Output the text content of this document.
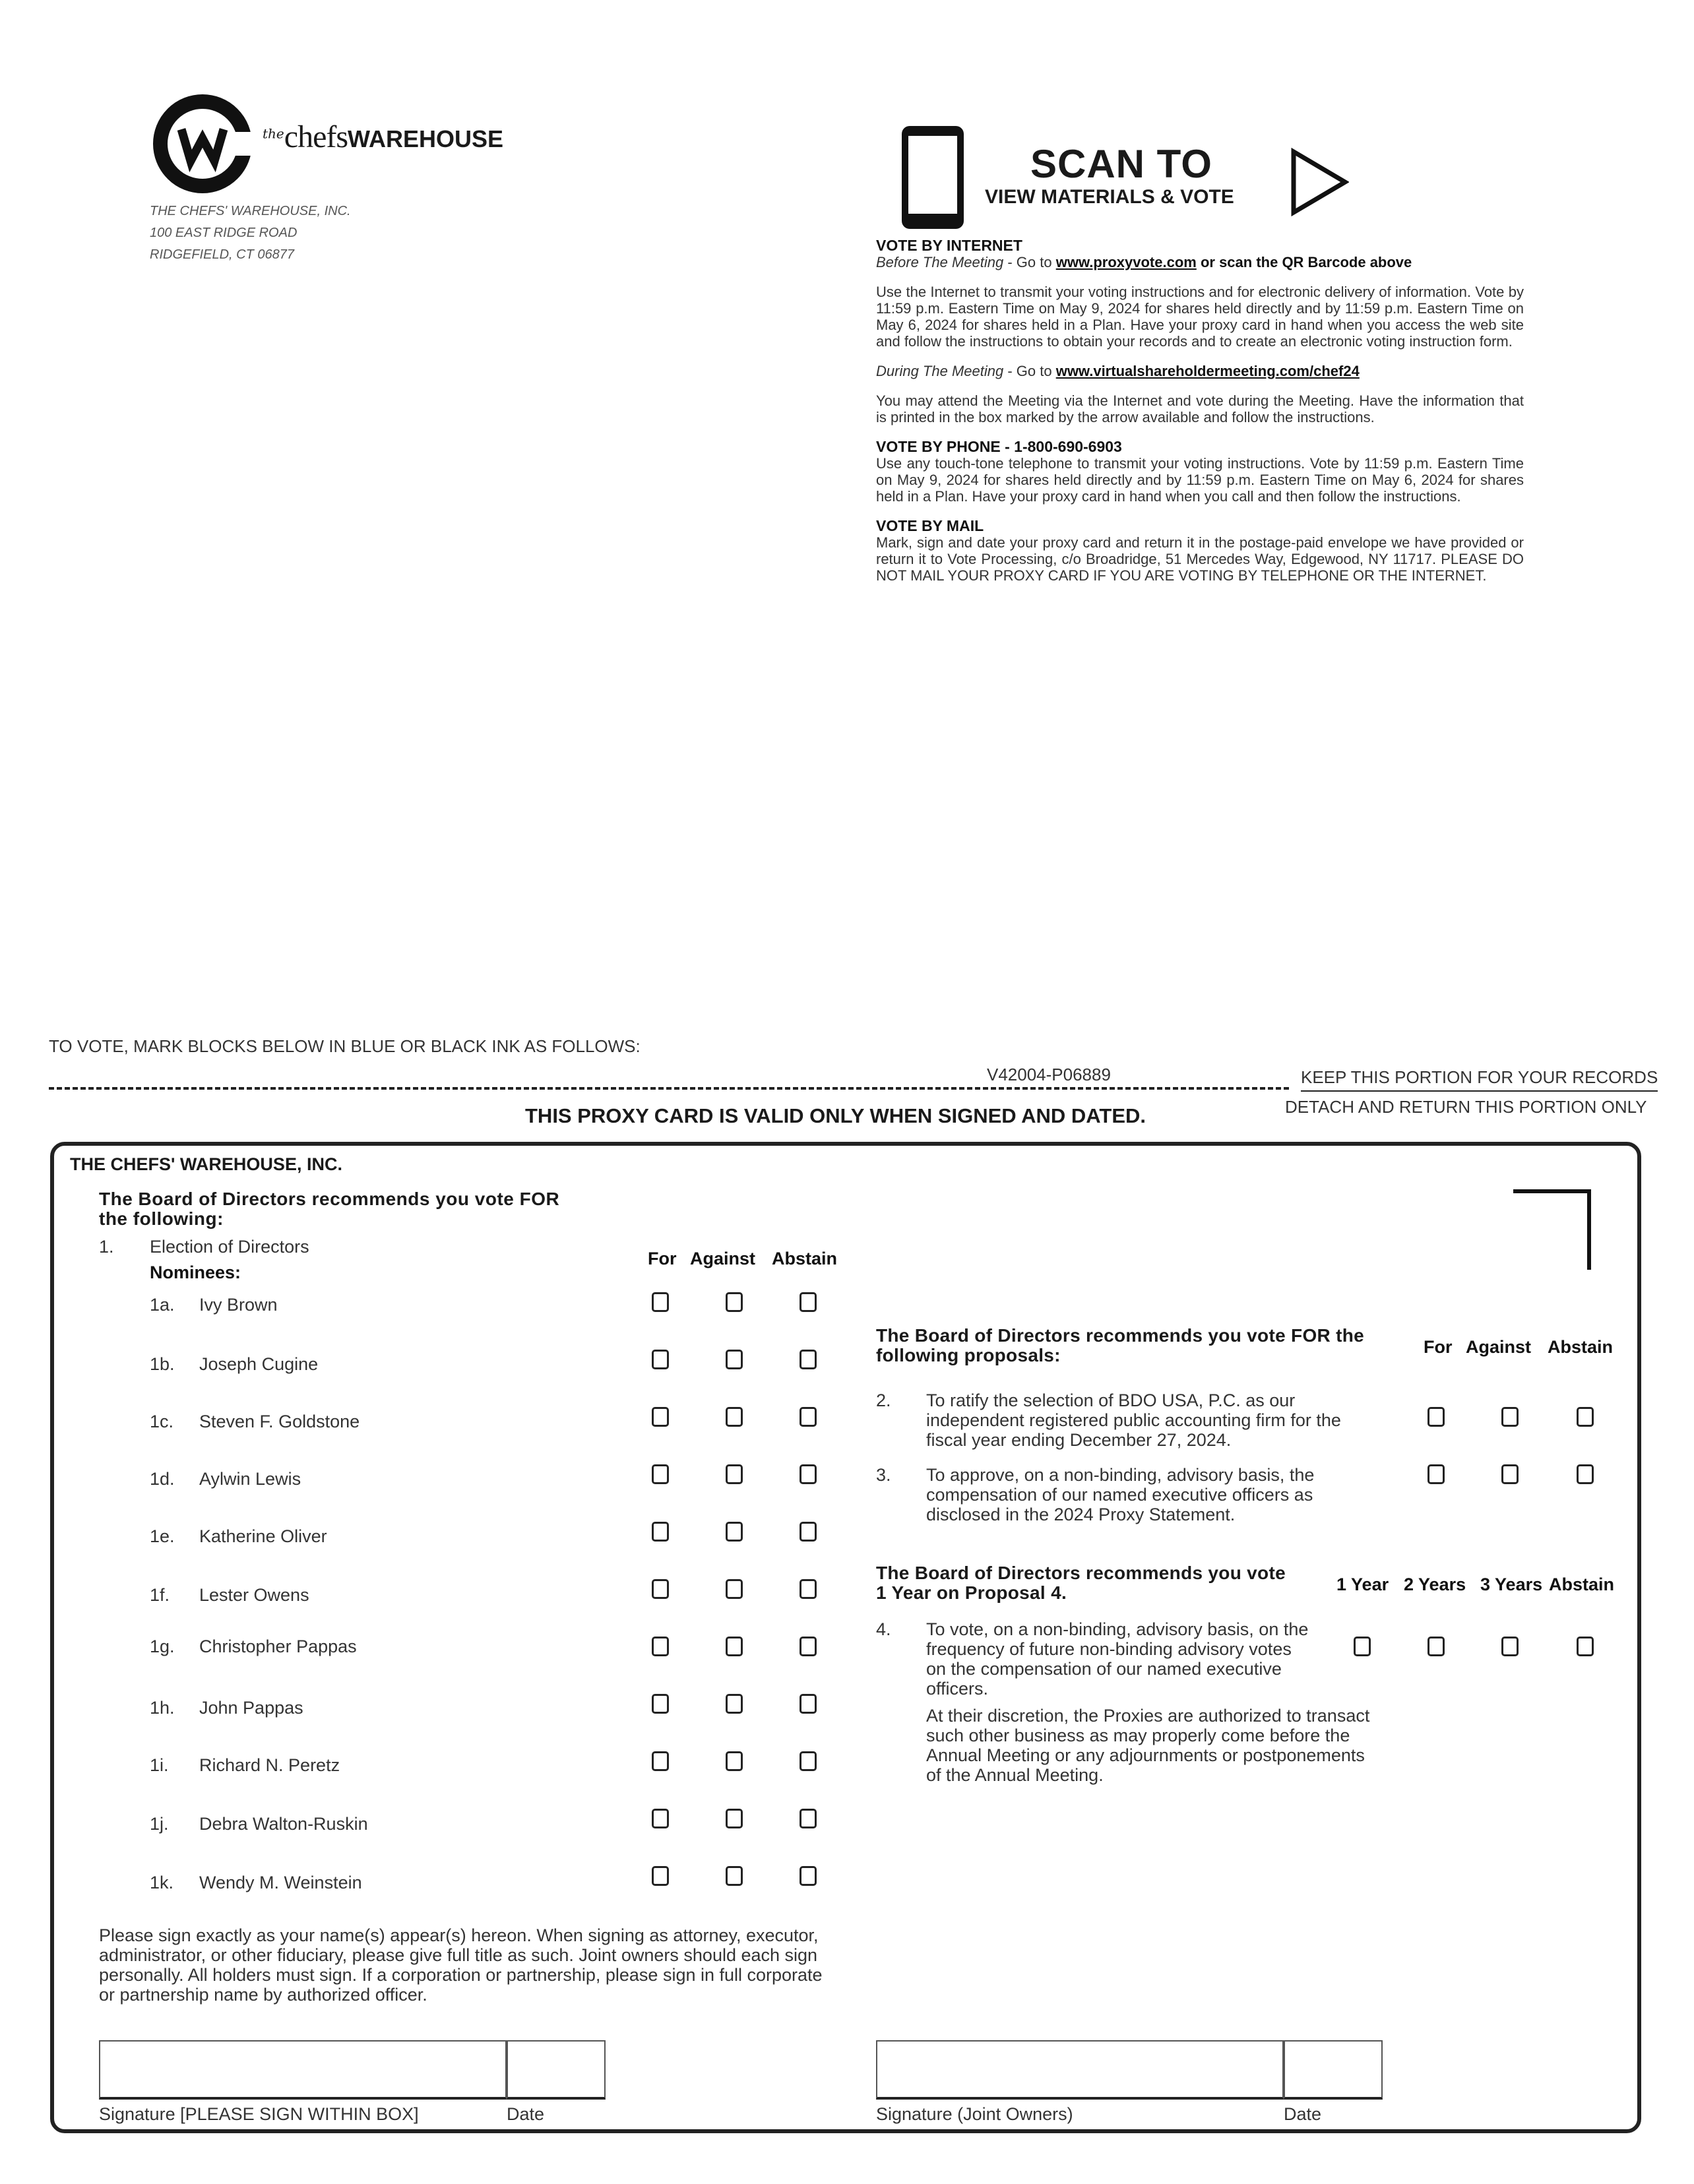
$^{the}$chefsWAREHOUSE
THE CHEFS' WAREHOUSE, INC.
100 EAST RIDGE ROAD
RIDGEFIELD, CT 06877
SCAN TO
VIEW MATERIALS & VOTE
VOTE BY INTERNET
Before The Meeting - Go to www.proxyvote.com or scan the QR Barcode above

Use the Internet to transmit your voting instructions and for electronic delivery of information. Vote by 11:59 p.m. Eastern Time on May 9, 2024 for shares held directly and by 11:59 p.m. Eastern Time on May 6, 2024 for shares held in a Plan. Have your proxy card in hand when you access the web site and follow the instructions to obtain your records and to create an electronic voting instruction form.

During The Meeting - Go to www.virtualshareholdermeeting.com/chef24

You may attend the Meeting via the Internet and vote during the Meeting. Have the information that is printed in the box marked by the arrow available and follow the instructions.

VOTE BY PHONE - 1-800-690-6903

Use any touch-tone telephone to transmit your voting instructions. Vote by 11:59 p.m. Eastern Time on May 9, 2024 for shares held directly and by 11:59 p.m. Eastern Time on May 6, 2024 for shares held in a Plan. Have your proxy card in hand when you call and then follow the instructions.

VOTE BY MAIL

Mark, sign and date your proxy card and return it in the postage-paid envelope we have provided or return it to Vote Processing, c/o Broadridge, 51 Mercedes Way, Edgewood, NY 11717. PLEASE DO NOT MAIL YOUR PROXY CARD IF YOU ARE VOTING BY TELEPHONE OR THE INTERNET.

TO VOTE, MARK BLOCKS BELOW IN BLUE OR BLACK INK AS FOLLOWS:
V42004-P06889	KEEP THIS PORTION FOR YOUR RECORDS
DETACH AND RETURN THIS PORTION ONLY
THIS PROXY CARD IS VALID ONLY WHEN SIGNED AND DATED.
THE CHEFS' WAREHOUSE, INC.
The Board of Directors recommends you vote FOR
the following:
1. Election of Directors
Nominees:
For Against Abstain
1a. Ivy Brown
1b. Joseph Cugine
1c. Steven F. Goldstone
1d. Aylwin Lewis
1e. Katherine Oliver
1f. Lester Owens
1g. Christopher Pappas
1h. John Pappas
1i. Richard N. Peretz
1j. Debra Walton-Ruskin
1k. Wendy M. Weinstein
The Board of Directors recommends you vote FOR the
following proposals:	For Against Abstain
2. To ratify the selection of BDO USA, P.C. as our
independent registered public accounting firm for the
fiscal year ending December 27, 2024.
3. To approve, on a non-binding, advisory basis, the
compensation of our named executive officers as
disclosed in the 2024 Proxy Statement.
The Board of Directors recommends you vote
1 Year on Proposal 4.	1 Year 2 Years 3 Years Abstain
4. To vote, on a non-binding, advisory basis, on the
frequency of future non-binding advisory votes
on the compensation of our named executive
officers.
At their discretion, the Proxies are authorized to transact
such other business as may properly come before the
Annual Meeting or any adjournments or postponements
of the Annual Meeting.
Please sign exactly as your name(s) appear(s) hereon. When signing as attorney, executor,
administrator, or other fiduciary, please give full title as such. Joint owners should each sign
personally. All holders must sign. If a corporation or partnership, please sign in full corporate
or partnership name by authorized officer.
Signature [PLEASE SIGN WITHIN BOX]	Date	Signature (Joint Owners)	Date
